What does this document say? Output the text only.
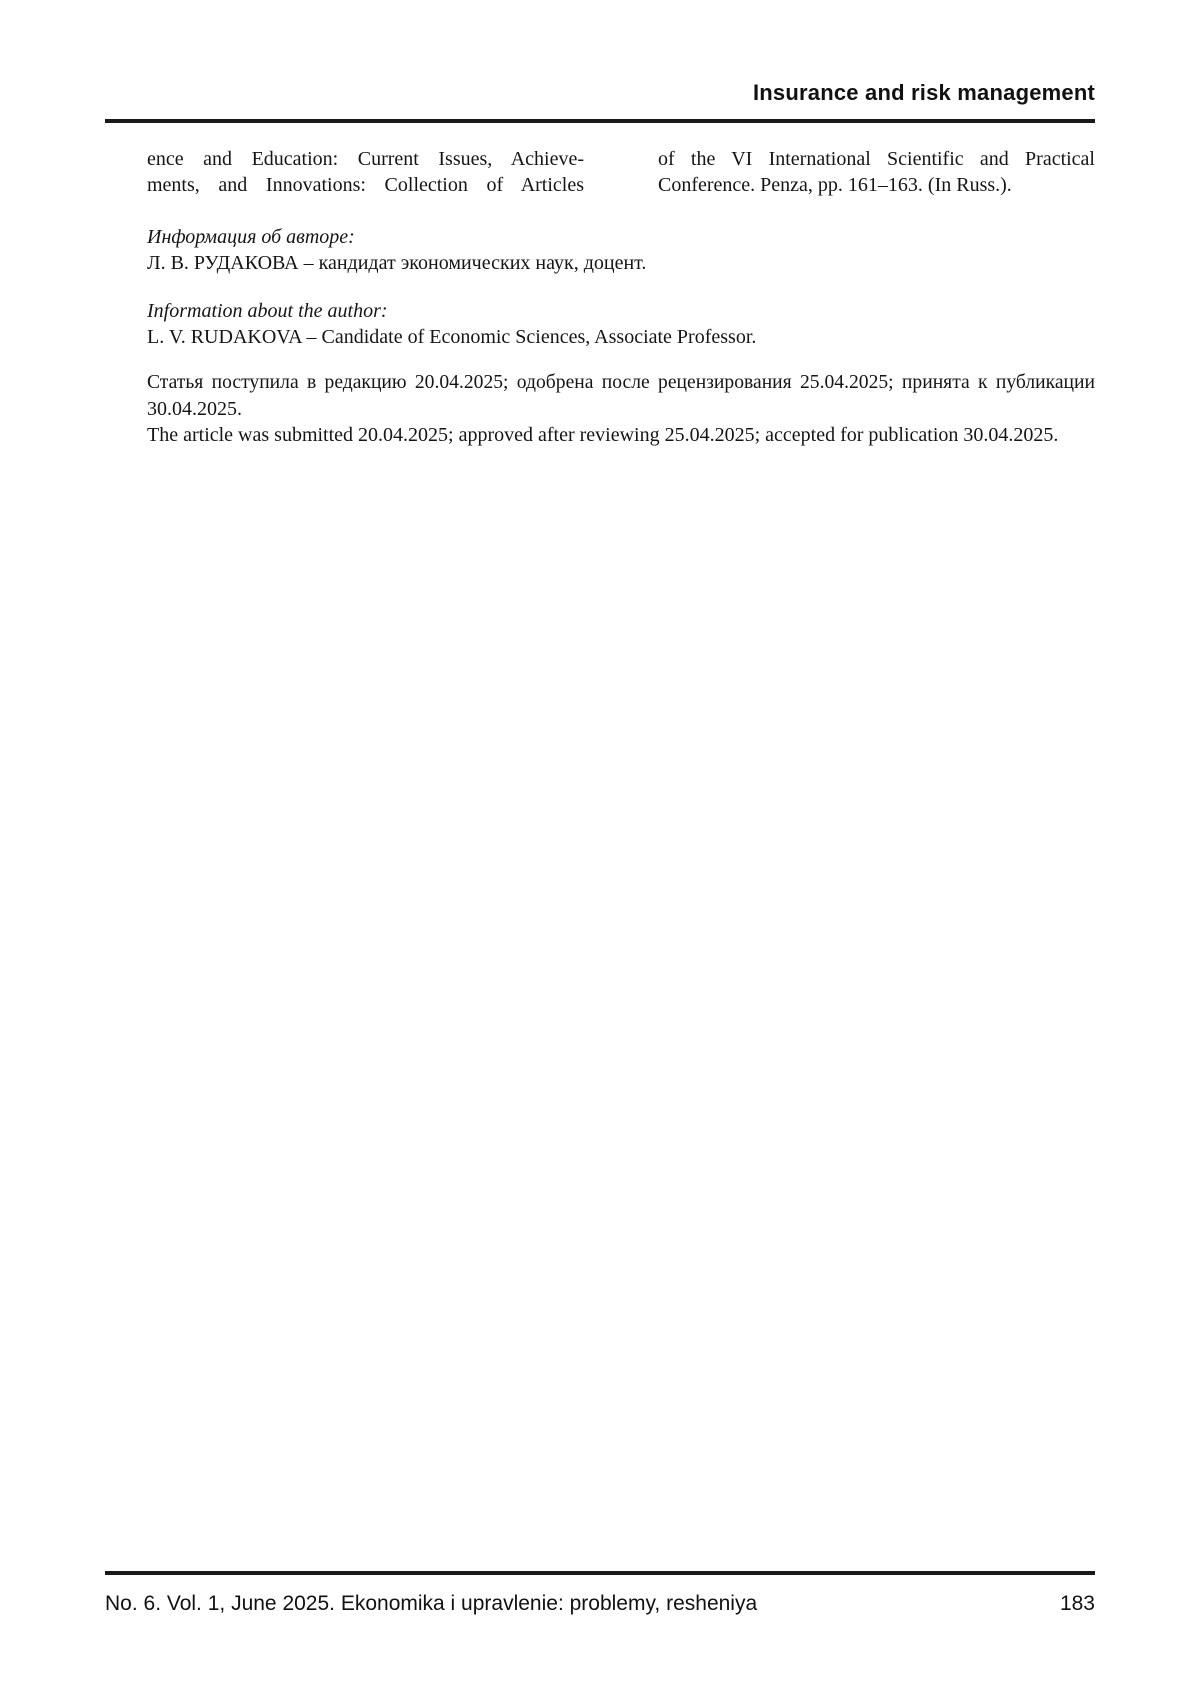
Insurance and risk management
ence and Education: Current Issues, Achieve-
ments, and Innovations: Collection of Articles
of the VI International Scientific and Practical
Conference. Penza, pp. 161–163. (In Russ.).
Информация об авторе:
Л. В. РУДАКОВА – кандидат экономических наук, доцент.
Information about the author:
L. V. RUDAKOVA – Candidate of Economic Sciences, Associate Professor.
Статья поступила в редакцию 20.04.2025; одобрена после рецензирования 25.04.2025; принята к публикации
30.04.2025.
The article was submitted 20.04.2025; approved after reviewing 25.04.2025; accepted for publication 30.04.2025.
No. 6. Vol. 1, June 2025. Ekonomika i upravlenie: problemy, resheniya	183
